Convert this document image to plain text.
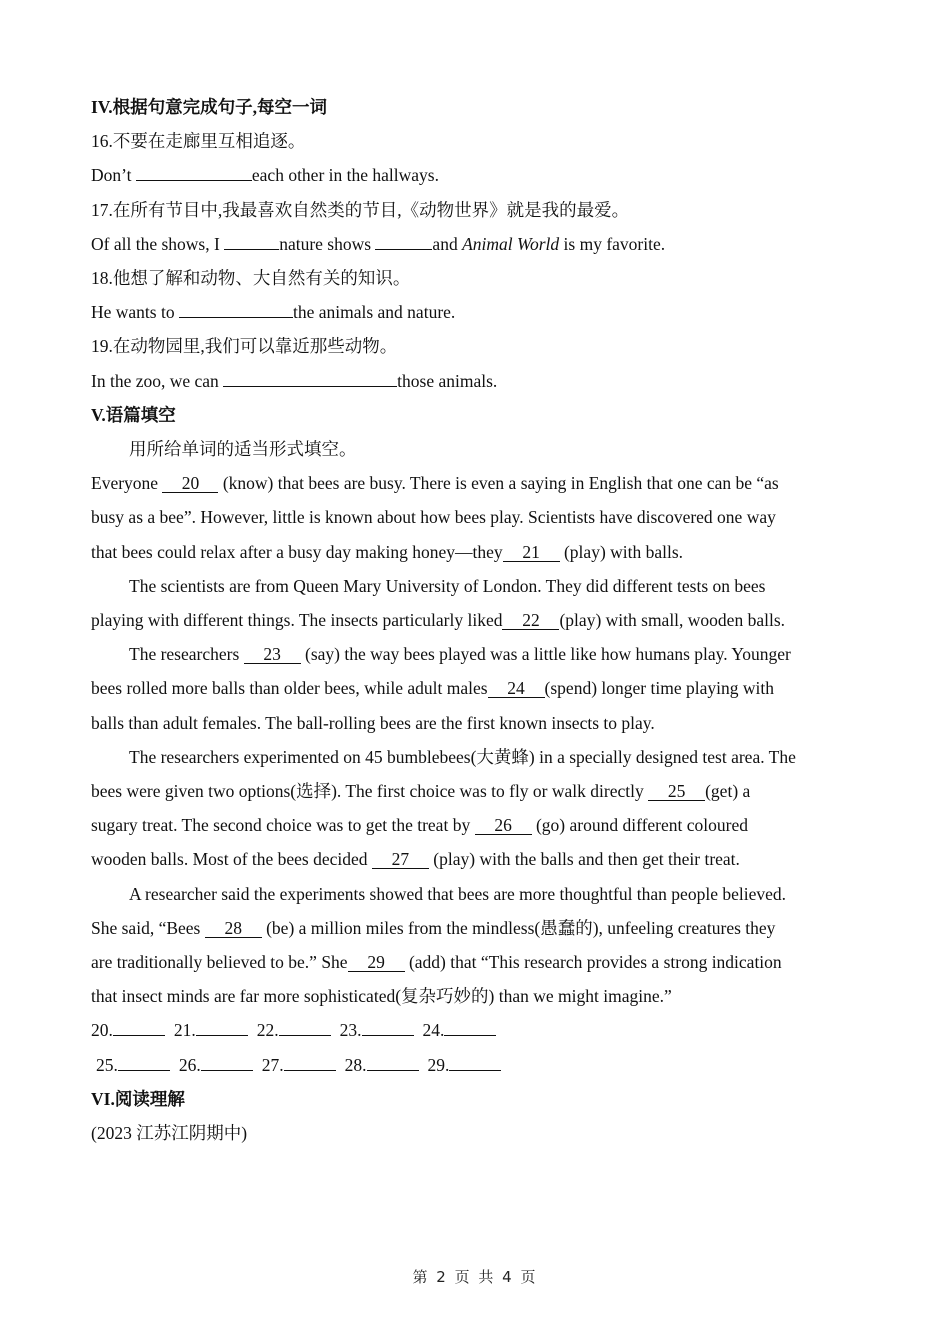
IV.根据句意完成句子,每空一词
16.不要在走廊里互相追逐。
Don’t	each other in the hallways.
17.在所有节目中,我最喜欢自然类的节目,《动物世界》就是我的最爱。
Of all the shows, I	nature shows	and Animal World is my favorite.
18.他想了解和动物、大自然有关的知识。
He wants to	the animals and nature.
19.在动物园里,我们可以靠近那些动物。
In the zoo, we can	those animals.
V.语篇填空
用所给单词的适当形式填空。
Everyone 20 (know) that bees are busy. There is even a saying in English that one can be “as
busy as a bee”. However, little is known about how bees play. Scientists have discovered one way
that bees could relax after a busy day making honey—they 21 (play) with balls.
The scientists are from Queen Mary University of London. They did different tests on bees
playing with different things. The insects particularly liked 22 (play) with small, wooden balls.
The researchers 23 (say) the way bees played was a little like how humans play. Younger
bees rolled more balls than older bees, while adult males 24 (spend) longer time playing with
balls than adult females. The ball-rolling bees are the first known insects to play.
The researchers experimented on 45 bumblebees(大黄蜂) in a specially designed test area. The
bees were given two options(选择). The first choice was to fly or walk directly 25 (get) a
sugary treat. The second choice was to get the treat by 26 (go) around different coloured
wooden balls. Most of the bees decided 27 (play) with the balls and then get their treat.
A researcher said the experiments showed that bees are more thoughtful than people believed.
She said, “Bees 28 (be) a million miles from the mindless(愚蠢的), unfeeling creatures they
are traditionally believed to be.” She 29 (add) that “This research provides a strong indication
that insect minds are far more sophisticated(复杂巧妙的) than we might imagine.”
20.	21.	22.	23.	24.
25.	26.	27.	28.	29.
VI.阅读理解
(2023 江苏江阴期中)
第 2 页 共 4 页
